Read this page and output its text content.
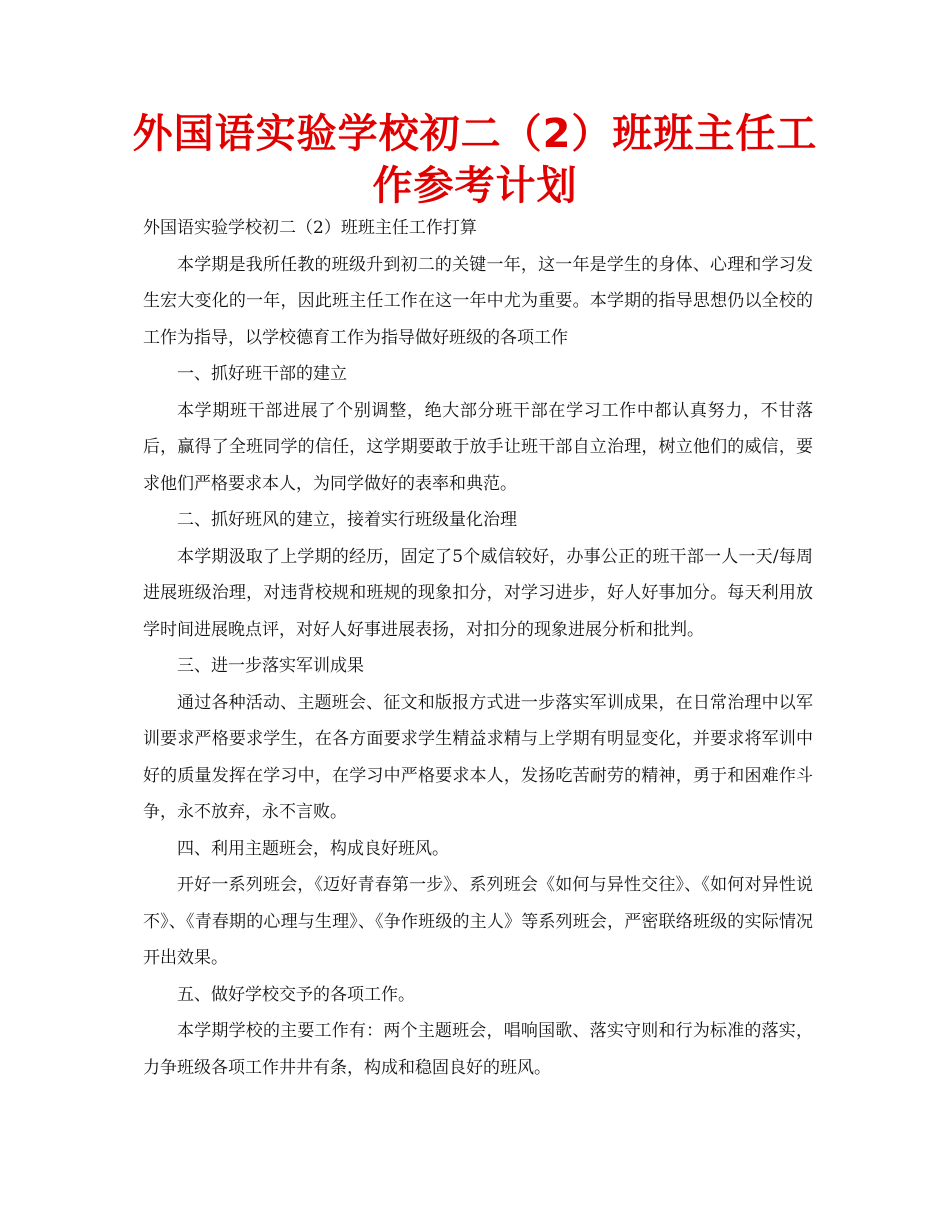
外国语实验学校初二（2）班班主任工作参考计划

外国语实验学校初二（2）班班主任工作打算

本学期是我所任教的班级升到初二的关键一年，这一年是学生的身体、心理和学习发生宏大变化的一年，因此班主任工作在这一年中尤为重要。本学期的指导思想仍以全校的工作为指导，以学校德育工作为指导做好班级的各项工作

一、抓好班干部的建立

本学期班干部进展了个别调整，绝大部分班干部在学习工作中都认真努力，不甘落后，赢得了全班同学的信任，这学期要敢于放手让班干部自立治理，树立他们的威信，要求他们严格要求本人，为同学做好的表率和典范。

二、抓好班风的建立，接着实行班级量化治理

本学期汲取了上学期的经历，固定了5个威信较好，办事公正的班干部一人一天/每周进展班级治理，对违背校规和班规的现象扣分，对学习进步，好人好事加分。每天利用放学时间进展晚点评，对好人好事进展表扬，对扣分的现象进展分析和批判。

三、进一步落实军训成果

通过各种活动、主题班会、征文和版报方式进一步落实军训成果，在日常治理中以军训要求严格要求学生，在各方面要求学生精益求精与上学期有明显变化，并要求将军训中好的质量发挥在学习中，在学习中严格要求本人，发扬吃苦耐劳的精神，勇于和困难作斗争，永不放弃，永不言败。

四、利用主题班会，构成良好班风。

开好一系列班会，《迈好青春第一步》、系列班会《如何与异性交往》、《如何对异性说不》、《青春期的心理与生理》、《争作班级的主人》等系列班会，严密联络班级的实际情况开出效果。

五、做好学校交予的各项工作。

本学期学校的主要工作有：两个主题班会，唱响国歌、落实守则和行为标准的落实，力争班级各项工作井井有条，构成和稳固良好的班风。
